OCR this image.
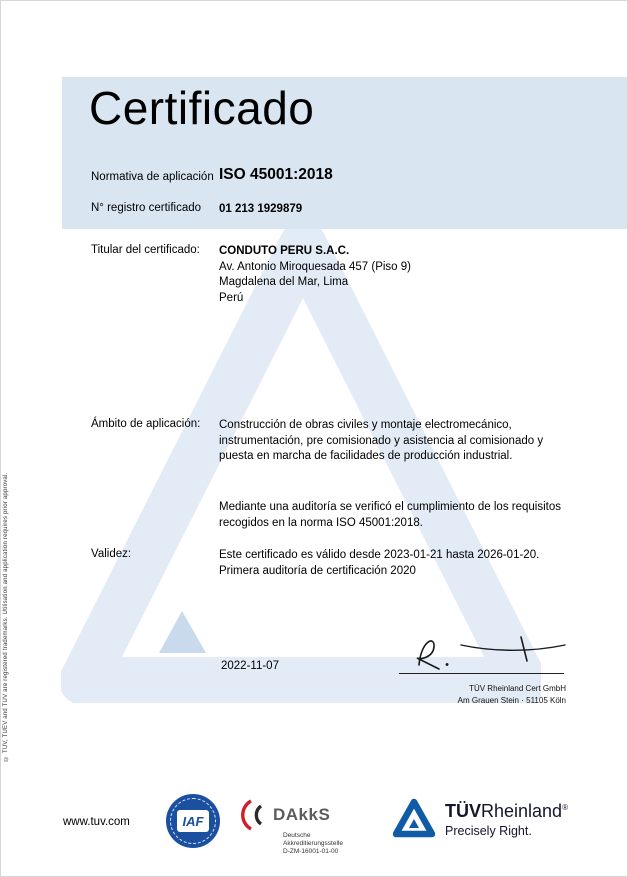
© TÜV, TUEV and TUV are registered trademarks. Utilisation and application requires prior approval.
Certificado
Normativa de aplicación ISO 45001:2018
N° registro certificado 01 213 1929879
Titular del certificado: CONDUTO PERU S.A.C.
Av. Antonio Miroquesada 457 (Piso 9)
Magdalena del Mar, Lima
Perú
Ámbito de aplicación: Construcción de obras civiles y montaje electromecánico, instrumentación, pre comisionado y asistencia al comisionado y puesta en marcha de facilidades de producción industrial.
Mediante una auditoría se verificó el cumplimiento de los requisitos recogidos en la norma ISO 45001:2018.
Validez:	Este certificado es válido desde 2023-01-21 hasta 2026-01-20.
Primera auditoría de certificación 2020
2022-11-07
TÜV Rheinland Cert GmbH
Am Grauen Stein · 51105 Köln
www.tuv.com	IAF	DAkkS
Deutsche
Akkreditierungsstelle
D-ZM-16001-01-00
TÜVRheinland®
Precisely Right.
